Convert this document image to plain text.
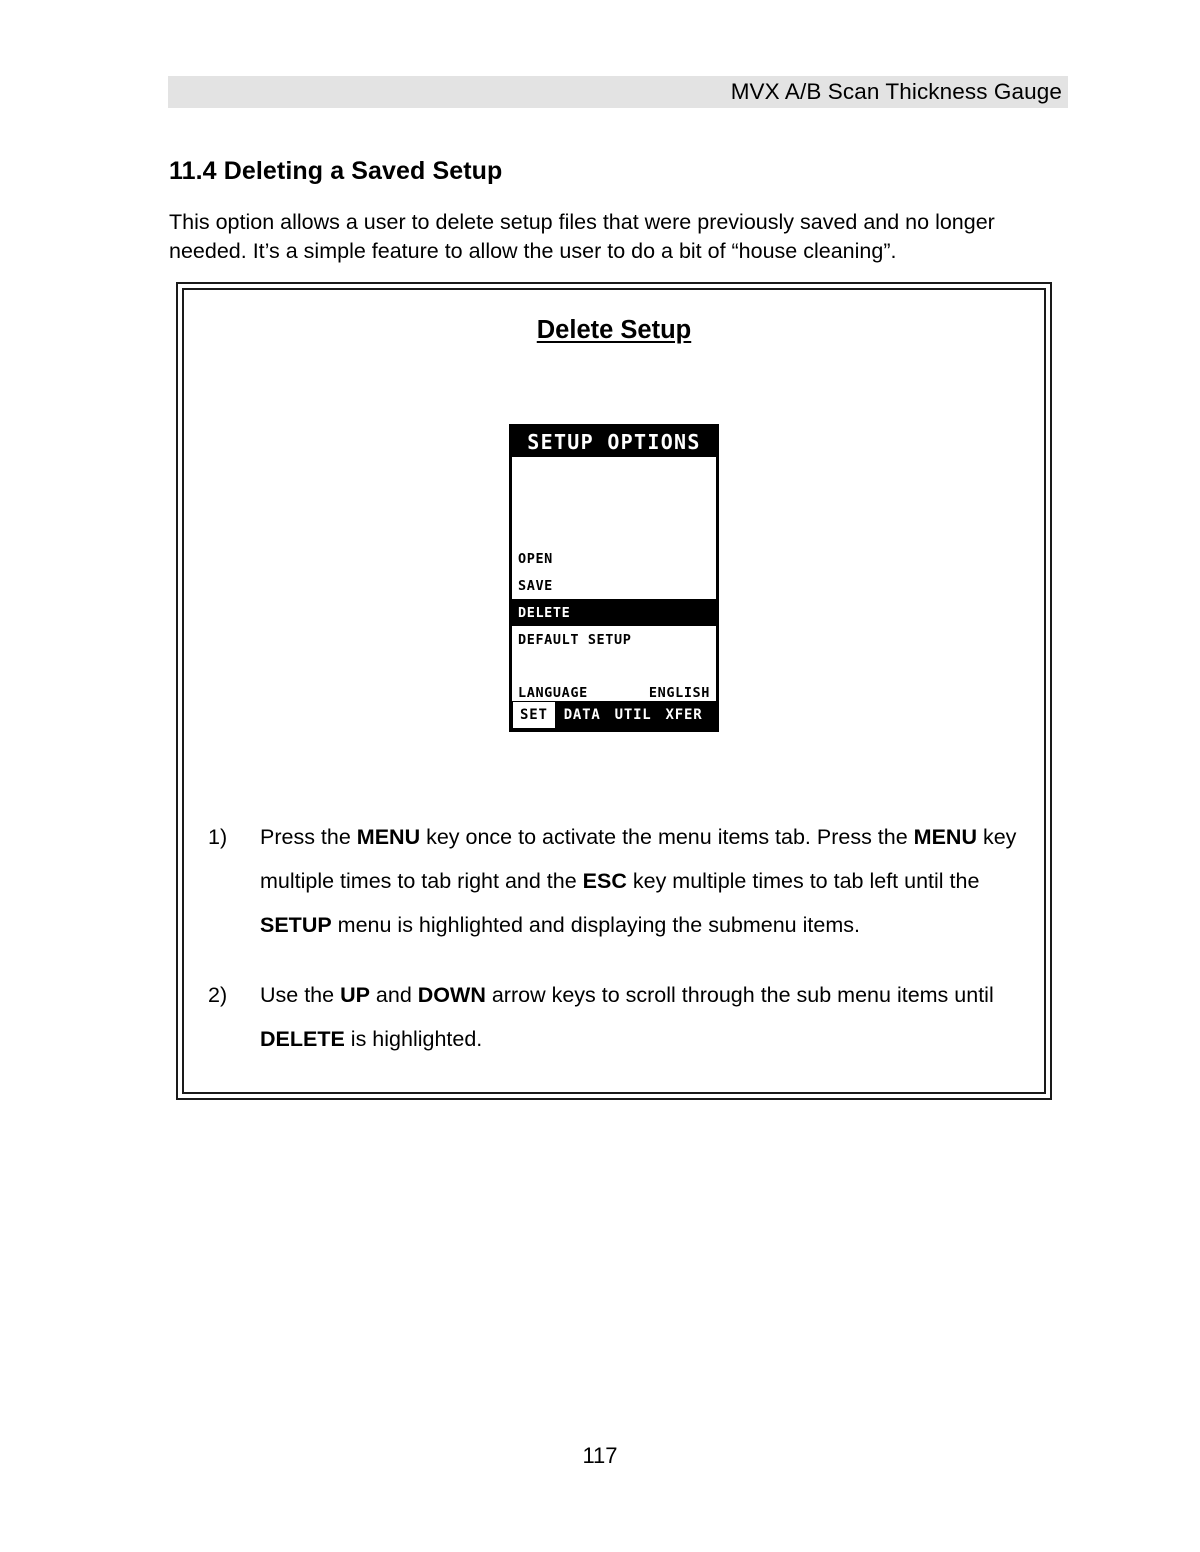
MVX A/B Scan Thickness Gauge
11.4 Deleting a Saved Setup

This option allows a user to delete setup files that were previously saved and no longer needed. It’s a simple feature to allow the user to do a bit of “house cleaning”.

Delete Setup
SETUP OPTIONS
OPEN
SAVE
DELETE
DEFAULT SETUP
LANGUAGE	ENGLISH
SET	DATA	UTIL	XFER
1)	Press the MENU key once to activate the menu items tab. Press the MENU key multiple times to tab right and the ESC key multiple times to tab left until the SETUP menu is highlighted and displaying the submenu items.
2)	Use the UP and DOWN arrow keys to scroll through the sub menu items until DELETE is highlighted.
117
